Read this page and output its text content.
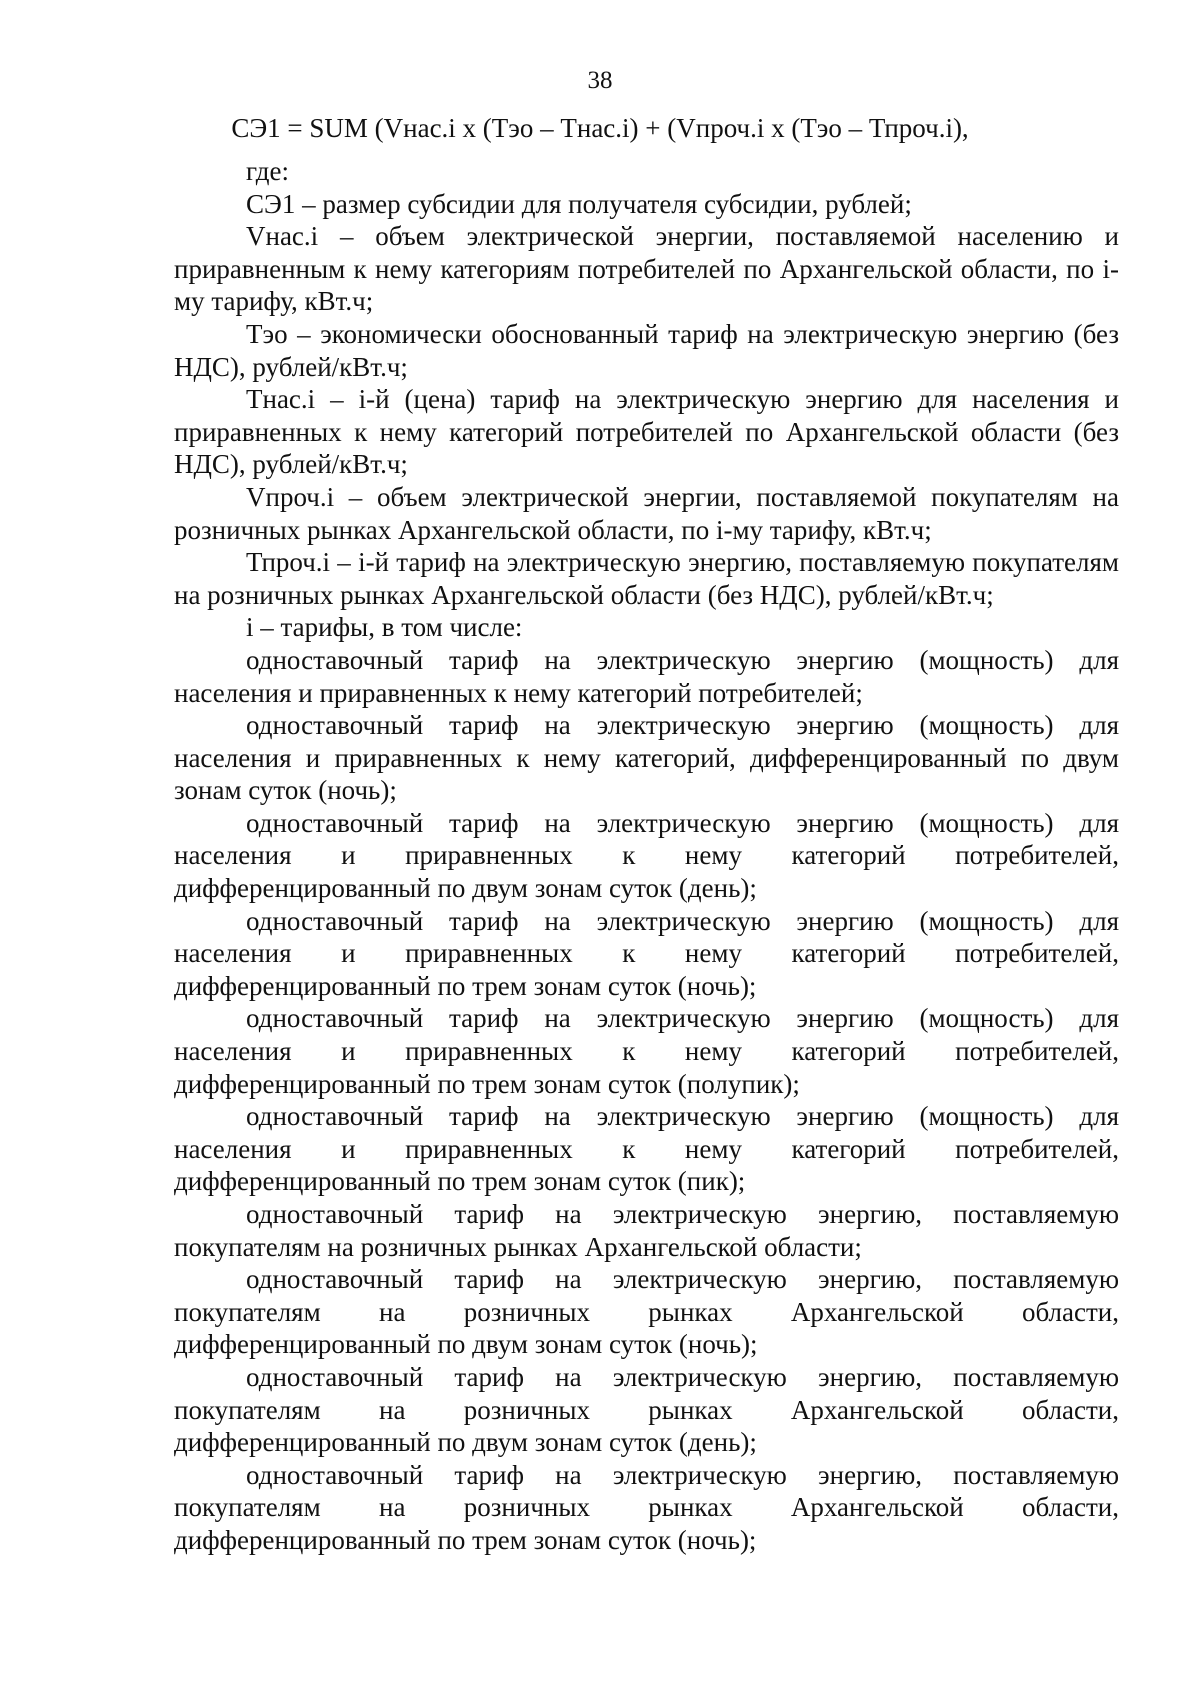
38
СЭ1 = SUM (Vнас.i х (Тэо – Тнас.i) + (Vпроч.i х (Тэо – Тпроч.i),

где:

СЭ1 – размер субсидии для получателя субсидии, рублей;

Vнас.i – объем электрической энергии, поставляемой населению и приравненным к нему категориям потребителей по Архангельской области, по i-му тарифу, кВт.ч;

Тэо – экономически обоснованный тариф на электрическую энергию (без НДС), рублей/кВт.ч;

Тнас.i – i-й (цена) тариф на электрическую энергию для населения и приравненных к нему категорий потребителей по Архангельской области (без НДС), рублей/кВт.ч;

Vпроч.i – объем электрической энергии, поставляемой покупателям на розничных рынках Архангельской области, по i-му тарифу, кВт.ч;

Тпроч.i – i-й тариф на электрическую энергию, поставляемую покупателям на розничных рынках Архангельской области (без НДС), рублей/кВт.ч;

i – тарифы, в том числе:

одноставочный тариф на электрическую энергию (мощность) для населения и приравненных к нему категорий потребителей;

одноставочный тариф на электрическую энергию (мощность) для населения и приравненных к нему категорий, дифференцированный по двум зонам суток (ночь);

одноставочный тариф на электрическую энергию (мощность) для населения и приравненных к нему категорий потребителей, дифференцированный по двум зонам суток (день);

одноставочный тариф на электрическую энергию (мощность) для населения и приравненных к нему категорий потребителей, дифференцированный по трем зонам суток (ночь);

одноставочный тариф на электрическую энергию (мощность) для населения и приравненных к нему категорий потребителей, дифференцированный по трем зонам суток (полупик);

одноставочный тариф на электрическую энергию (мощность) для населения и приравненных к нему категорий потребителей, дифференцированный по трем зонам суток (пик);

одноставочный тариф на электрическую энергию, поставляемую покупателям на розничных рынках Архангельской области;

одноставочный тариф на электрическую энергию, поставляемую покупателям на розничных рынках Архангельской области, дифференцированный по двум зонам суток (ночь);

одноставочный тариф на электрическую энергию, поставляемую покупателям на розничных рынках Архангельской области, дифференцированный по двум зонам суток (день);

одноставочный тариф на электрическую энергию, поставляемую покупателям на розничных рынках Архангельской области, дифференцированный по трем зонам суток (ночь);
